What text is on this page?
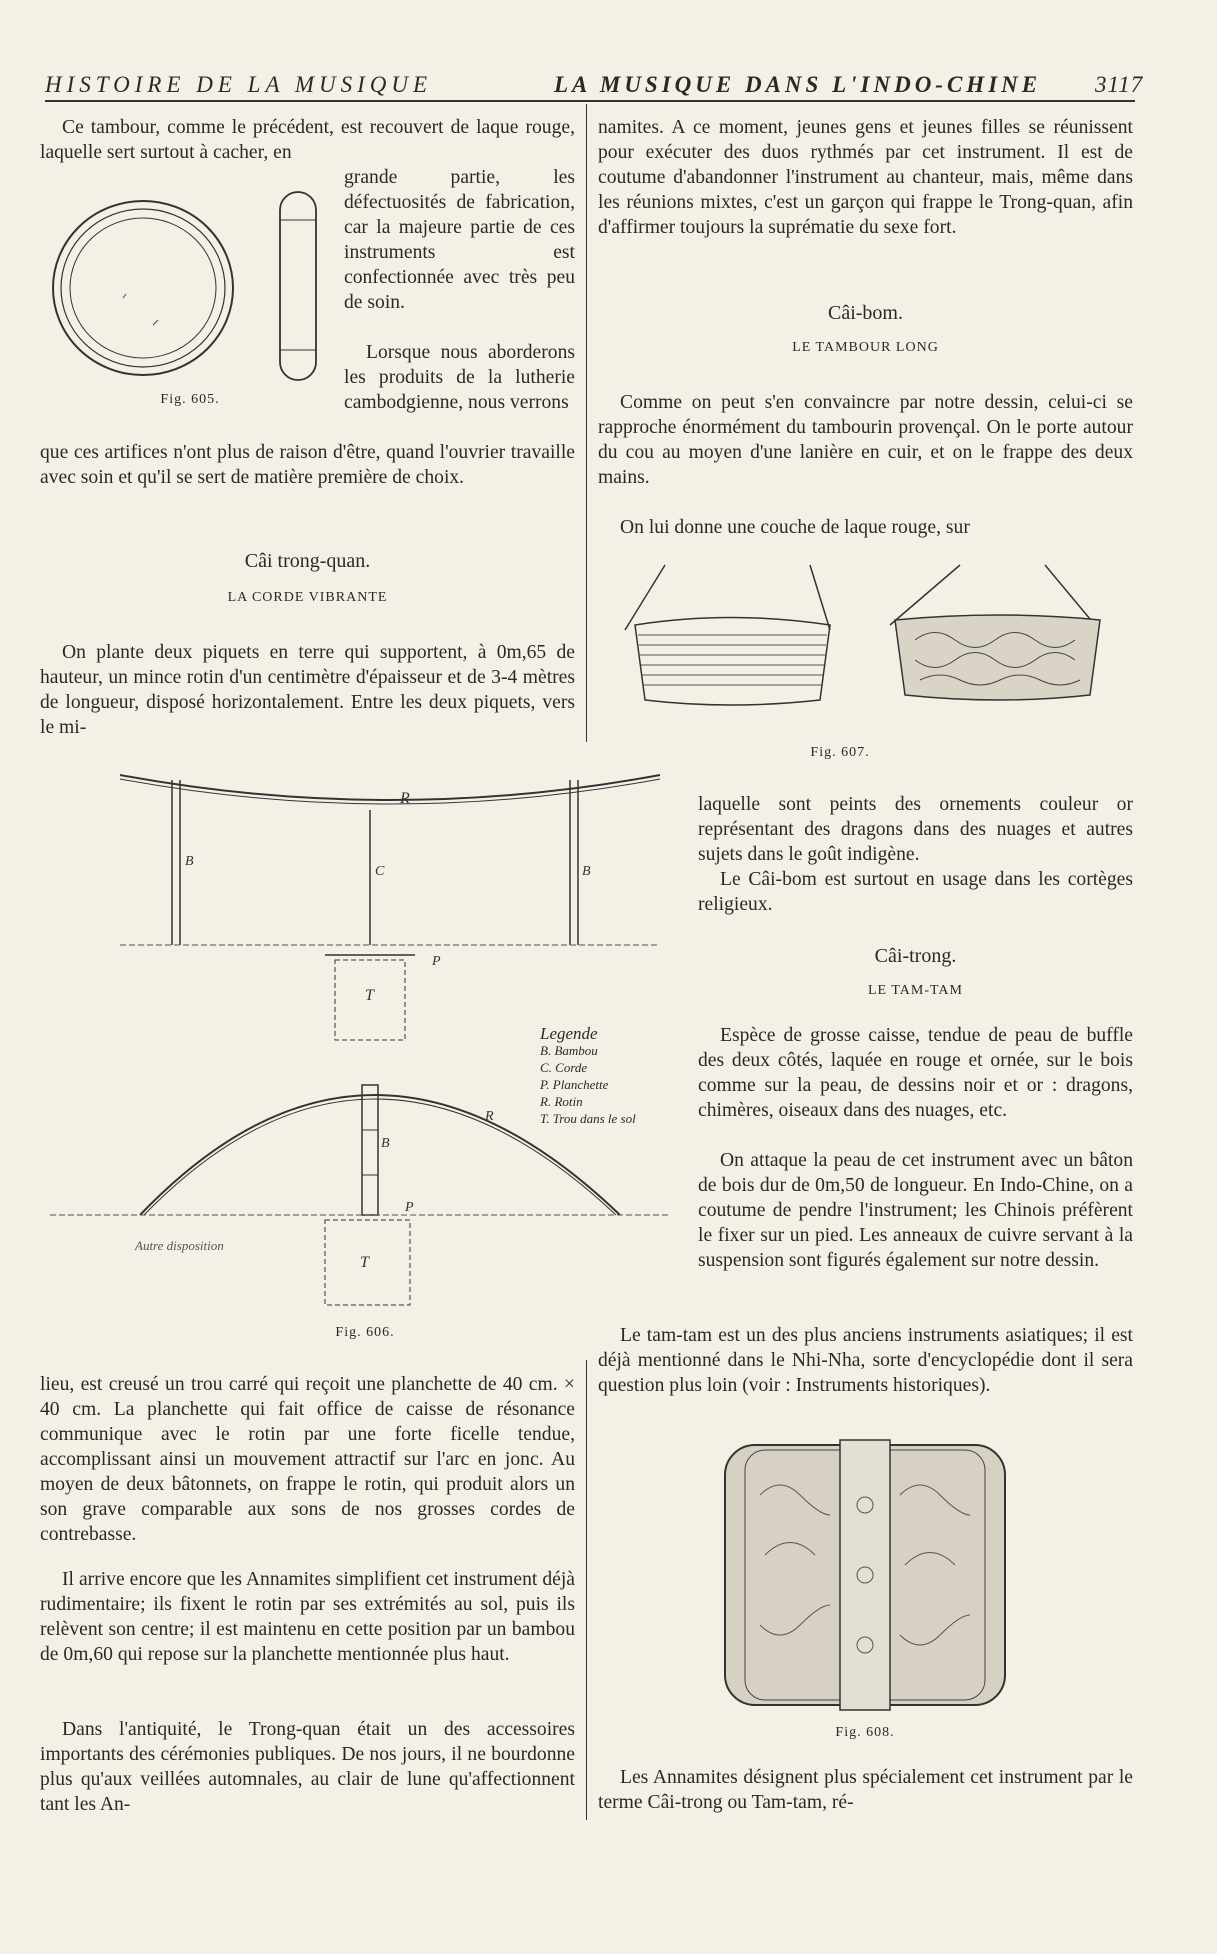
HISTOIRE DE LA MUSIQUE	LA MUSIQUE DANS L'INDO-CHINE 3117

Ce tambour, comme le précédent, est recouvert de laque rouge, laquelle sert surtout à cacher, en

Fig. 605.

grande partie, les défectuosités de fabrication, car la majeure partie de ces instruments est confectionnée avec très peu de soin.

Lorsque nous aborderons les produits de la lutherie cambodgienne, nous verrons

que ces artifices n'ont plus de raison d'être, quand l'ouvrier travaille avec soin et qu'il se sert de matière première de choix.

Câi trong-quan.
LA CORDE VIBRANTE

On plante deux piquets en terre qui supportent, à 0m,65 de hauteur, un mince rotin d'un centimètre d'épaisseur et de 3-4 mètres de longueur, disposé horizontalement. Entre les deux piquets, vers le mi-

R
B
B
C
P
T
R
B
P
T
Autre disposition
Legende
B. Bambou
C. Corde
P. Planchette
R. Rotin
T. Trou dans le sol
Fig. 606.

lieu, est creusé un trou carré qui reçoit une planchette de 40 cm. × 40 cm. La planchette qui fait office de caisse de résonance communique avec le rotin par une forte ficelle tendue, accomplissant ainsi un mouvement attractif sur l'arc en jonc. Au moyen de deux bâtonnets, on frappe le rotin, qui produit alors un son grave comparable aux sons de nos grosses cordes de contrebasse.

Il arrive encore que les Annamites simplifient cet instrument déjà rudimentaire; ils fixent le rotin par ses extrémités au sol, puis ils relèvent son centre; il est maintenu en cette position par un bambou de 0m,60 qui repose sur la planchette mentionnée plus haut.

Dans l'antiquité, le Trong-quan était un des accessoires importants des cérémonies publiques. De nos jours, il ne bourdonne plus qu'aux veillées automnales, au clair de lune qu'affectionnent tant les An-

namites. A ce moment, jeunes gens et jeunes filles se réunissent pour exécuter des duos rythmés par cet instrument. Il est de coutume d'abandonner l'instrument au chanteur, mais, même dans les réunions mixtes, c'est un garçon qui frappe le Trong-quan, afin d'affirmer toujours la suprématie du sexe fort.

Câi-bom.
LE TAMBOUR LONG

Comme on peut s'en convaincre par notre dessin, celui-ci se rapproche énormément du tambourin provençal. On le porte autour du cou au moyen d'une lanière en cuir, et on le frappe des deux mains.

On lui donne une couche de laque rouge, sur

Fig. 607.

laquelle sont peints des ornements couleur or représentant des dragons dans des nuages et autres sujets dans le goût indigène.

Le Câi-bom est surtout en usage dans les cortèges religieux.

Câi-trong.
LE TAM-TAM

Espèce de grosse caisse, tendue de peau de buffle des deux côtés, laquée en rouge et ornée, sur le bois comme sur la peau, de dessins noir et or : dragons, chimères, oiseaux dans des nuages, etc.

On attaque la peau de cet instrument avec un bâton de bois dur de 0m,50 de longueur. En Indo-Chine, on a coutume de pendre l'instrument; les Chinois préfèrent le fixer sur un pied. Les anneaux de cuivre servant à la suspension sont figurés également sur notre dessin.

Le tam-tam est un des plus anciens instruments asiatiques; il est déjà mentionné dans le Nhi-Nha, sorte d'encyclopédie dont il sera question plus loin (voir : Instruments historiques).

Fig. 608.

Les Annamites désignent plus spécialement cet instrument par le terme Câi-trong ou Tam-tam, ré-
